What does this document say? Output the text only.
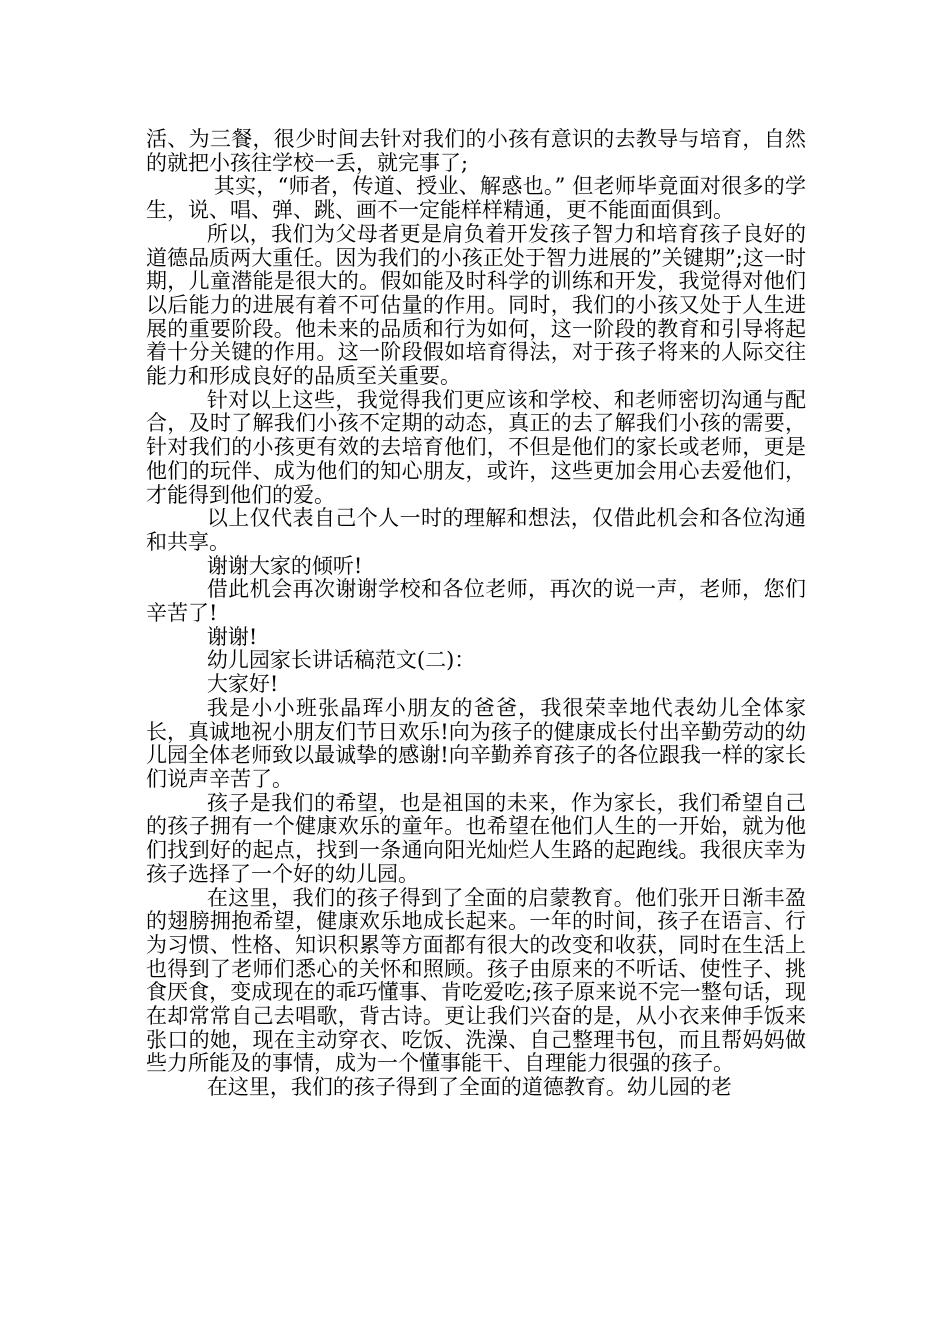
活、为三餐，很少时间去针对我们的小孩有意识的去教导与培育，自然的就把小孩往学校一丢，就完事了;

其实，“师者，传道、授业、解惑也。” 但老师毕竟面对很多的学生，说、唱、弹、跳、画不一定能样样精通，更不能面面俱到。

所以，我们为父母者更是肩负着开发孩子智力和培育孩子良好的道德品质两大重任。因为我们的小孩正处于智力进展的”关键期”;这一时期，儿童潜能是很大的。假如能及时科学的训练和开发，我觉得对他们以后能力的进展有着不可估量的作用。同时，我们的小孩又处于人生进展的重要阶段。他未来的品质和行为如何，这一阶段的教育和引导将起着十分关键的作用。这一阶段假如培育得法，对于孩子将来的人际交往能力和形成良好的品质至关重要。

针对以上这些，我觉得我们更应该和学校、和老师密切沟通与配合，及时了解我们小孩不定期的动态，真正的去了解我们小孩的需要，针对我们的小孩更有效的去培育他们，不但是他们的家长或老师，更是他们的玩伴、成为他们的知心朋友，或许，这些更加会用心去爱他们，才能得到他们的爱。

以上仅代表自己个人一时的理解和想法，仅借此机会和各位沟通和共享。

谢谢大家的倾听!

借此机会再次谢谢学校和各位老师，再次的说一声，老师，您们辛苦了!

谢谢!

幼儿园家长讲话稿范文(二)：

大家好!

我是小小班张晶珲小朋友的爸爸，我很荣幸地代表幼儿全体家长，真诚地祝小朋友们节日欢乐!向为孩子的健康成长付出辛勤劳动的幼儿园全体老师致以最诚挚的感谢!向辛勤养育孩子的各位跟我一样的家长们说声辛苦了。

孩子是我们的希望，也是祖国的未来，作为家长，我们希望自己的孩子拥有一个健康欢乐的童年。也希望在他们人生的一开始，就为他们找到好的起点，找到一条通向阳光灿烂人生路的起跑线。我很庆幸为孩子选择了一个好的幼儿园。

在这里，我们的孩子得到了全面的启蒙教育。他们张开日渐丰盈的翅膀拥抱希望，健康欢乐地成长起来。一年的时间，孩子在语言、行为习惯、性格、知识积累等方面都有很大的改变和收获，同时在生活上也得到了老师们悉心的关怀和照顾。孩子由原来的不听话、使性子、挑食厌食，变成现在的乖巧懂事、肯吃爱吃;孩子原来说不完一整句话，现在却常常自己去唱歌，背古诗。更让我们兴奋的是，从小衣来伸手饭来张口的她，现在主动穿衣、吃饭、洗澡、自己整理书包，而且帮妈妈做些力所能及的事情，成为一个懂事能干、自理能力很强的孩子。

在这里，我们的孩子得到了全面的道德教育。幼儿园的老
